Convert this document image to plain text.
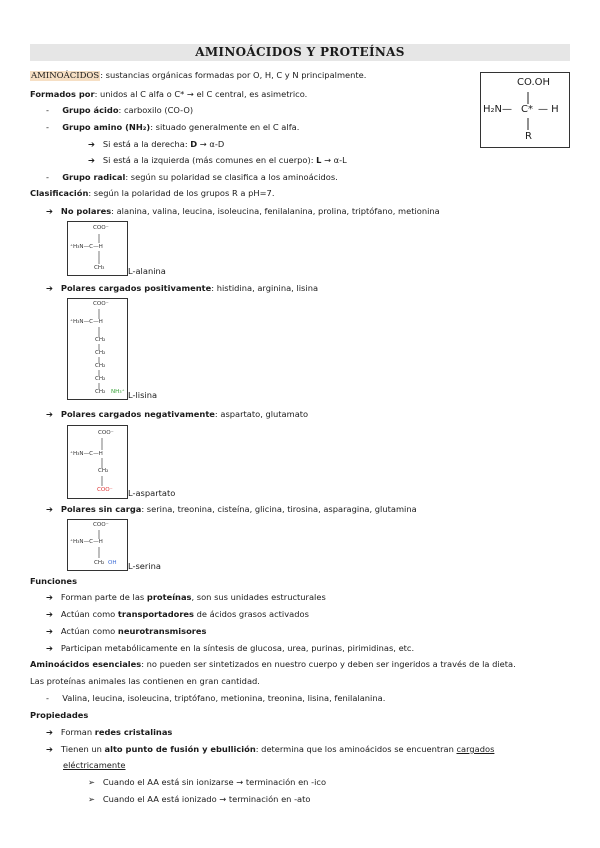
AMINOÁCIDOS Y PROTEÍNAS
AMINOÁCIDOS: sustancias orgánicas formadas por O, H, C y N principalmente.
Formados por: unidos al C alfa o C* → el C central, es asimetrico.
CO.OH
H₂N— C* — H
R
-     Grupo ácido: carboxilo (CO-O)
-     Grupo amino (NH₂): situado generalmente en el C alfa.
➔   Si está a la derecha: D → α-D
➔   Si está a la izquierda (más comunes en el cuerpo): L → α-L
-     Grupo radical: según su polaridad se clasifica a los aminoácidos.
Clasificación: según la polaridad de los grupos R a pH=7.
➔   No polares: alanina, valina, leucina, isoleucina, fenilalanina, prolina, triptófano, metionina
COO⁻
⁺H₃N—C—H
CH₃	L-alanina
➔   Polares cargados positivamente: histidina, arginina, lisina
COO⁻
⁺H₃N—C—H
CH₂
CH₂
CH₂
CH₂
CH₂ NH₃⁺ L-lisina
➔   Polares cargados negativamente: aspartato, glutamato
COO⁻
⁺H₃N—C—H
CH₂
COO⁻ L-aspartato
➔   Polares sin carga: serina, treonina, cisteína, glicina, tirosina, asparagina, glutamina
COO⁻
⁺H₃N—C—H
CH₂ OH L-serina
Funciones
➔   Forman parte de las proteínas, son sus unidades estructurales
➔   Actúan como transportadores de ácidos grasos activados
➔   Actúan como neurotransmisores
➔   Participan metabólicamente en la síntesis de glucosa, urea, purinas, pirimidinas, etc.
Aminoácidos esenciales: no pueden ser sintetizados en nuestro cuerpo y deben ser ingeridos a través de la dieta.
Las proteínas animales las contienen en gran cantidad.
-     Valina, leucina, isoleucina, triptófano, metionina, treonina, lisina, fenilalanina.
Propiedades
➔   Forman redes cristalinas
➔   Tienen un alto punto de fusión y ebullición: determina que los aminoácidos se encuentran cargados
eléctricamente
➢   Cuando el AA está sin ionizarse → terminación en -ico
➢   Cuando el AA está ionizado → terminación en -ato
